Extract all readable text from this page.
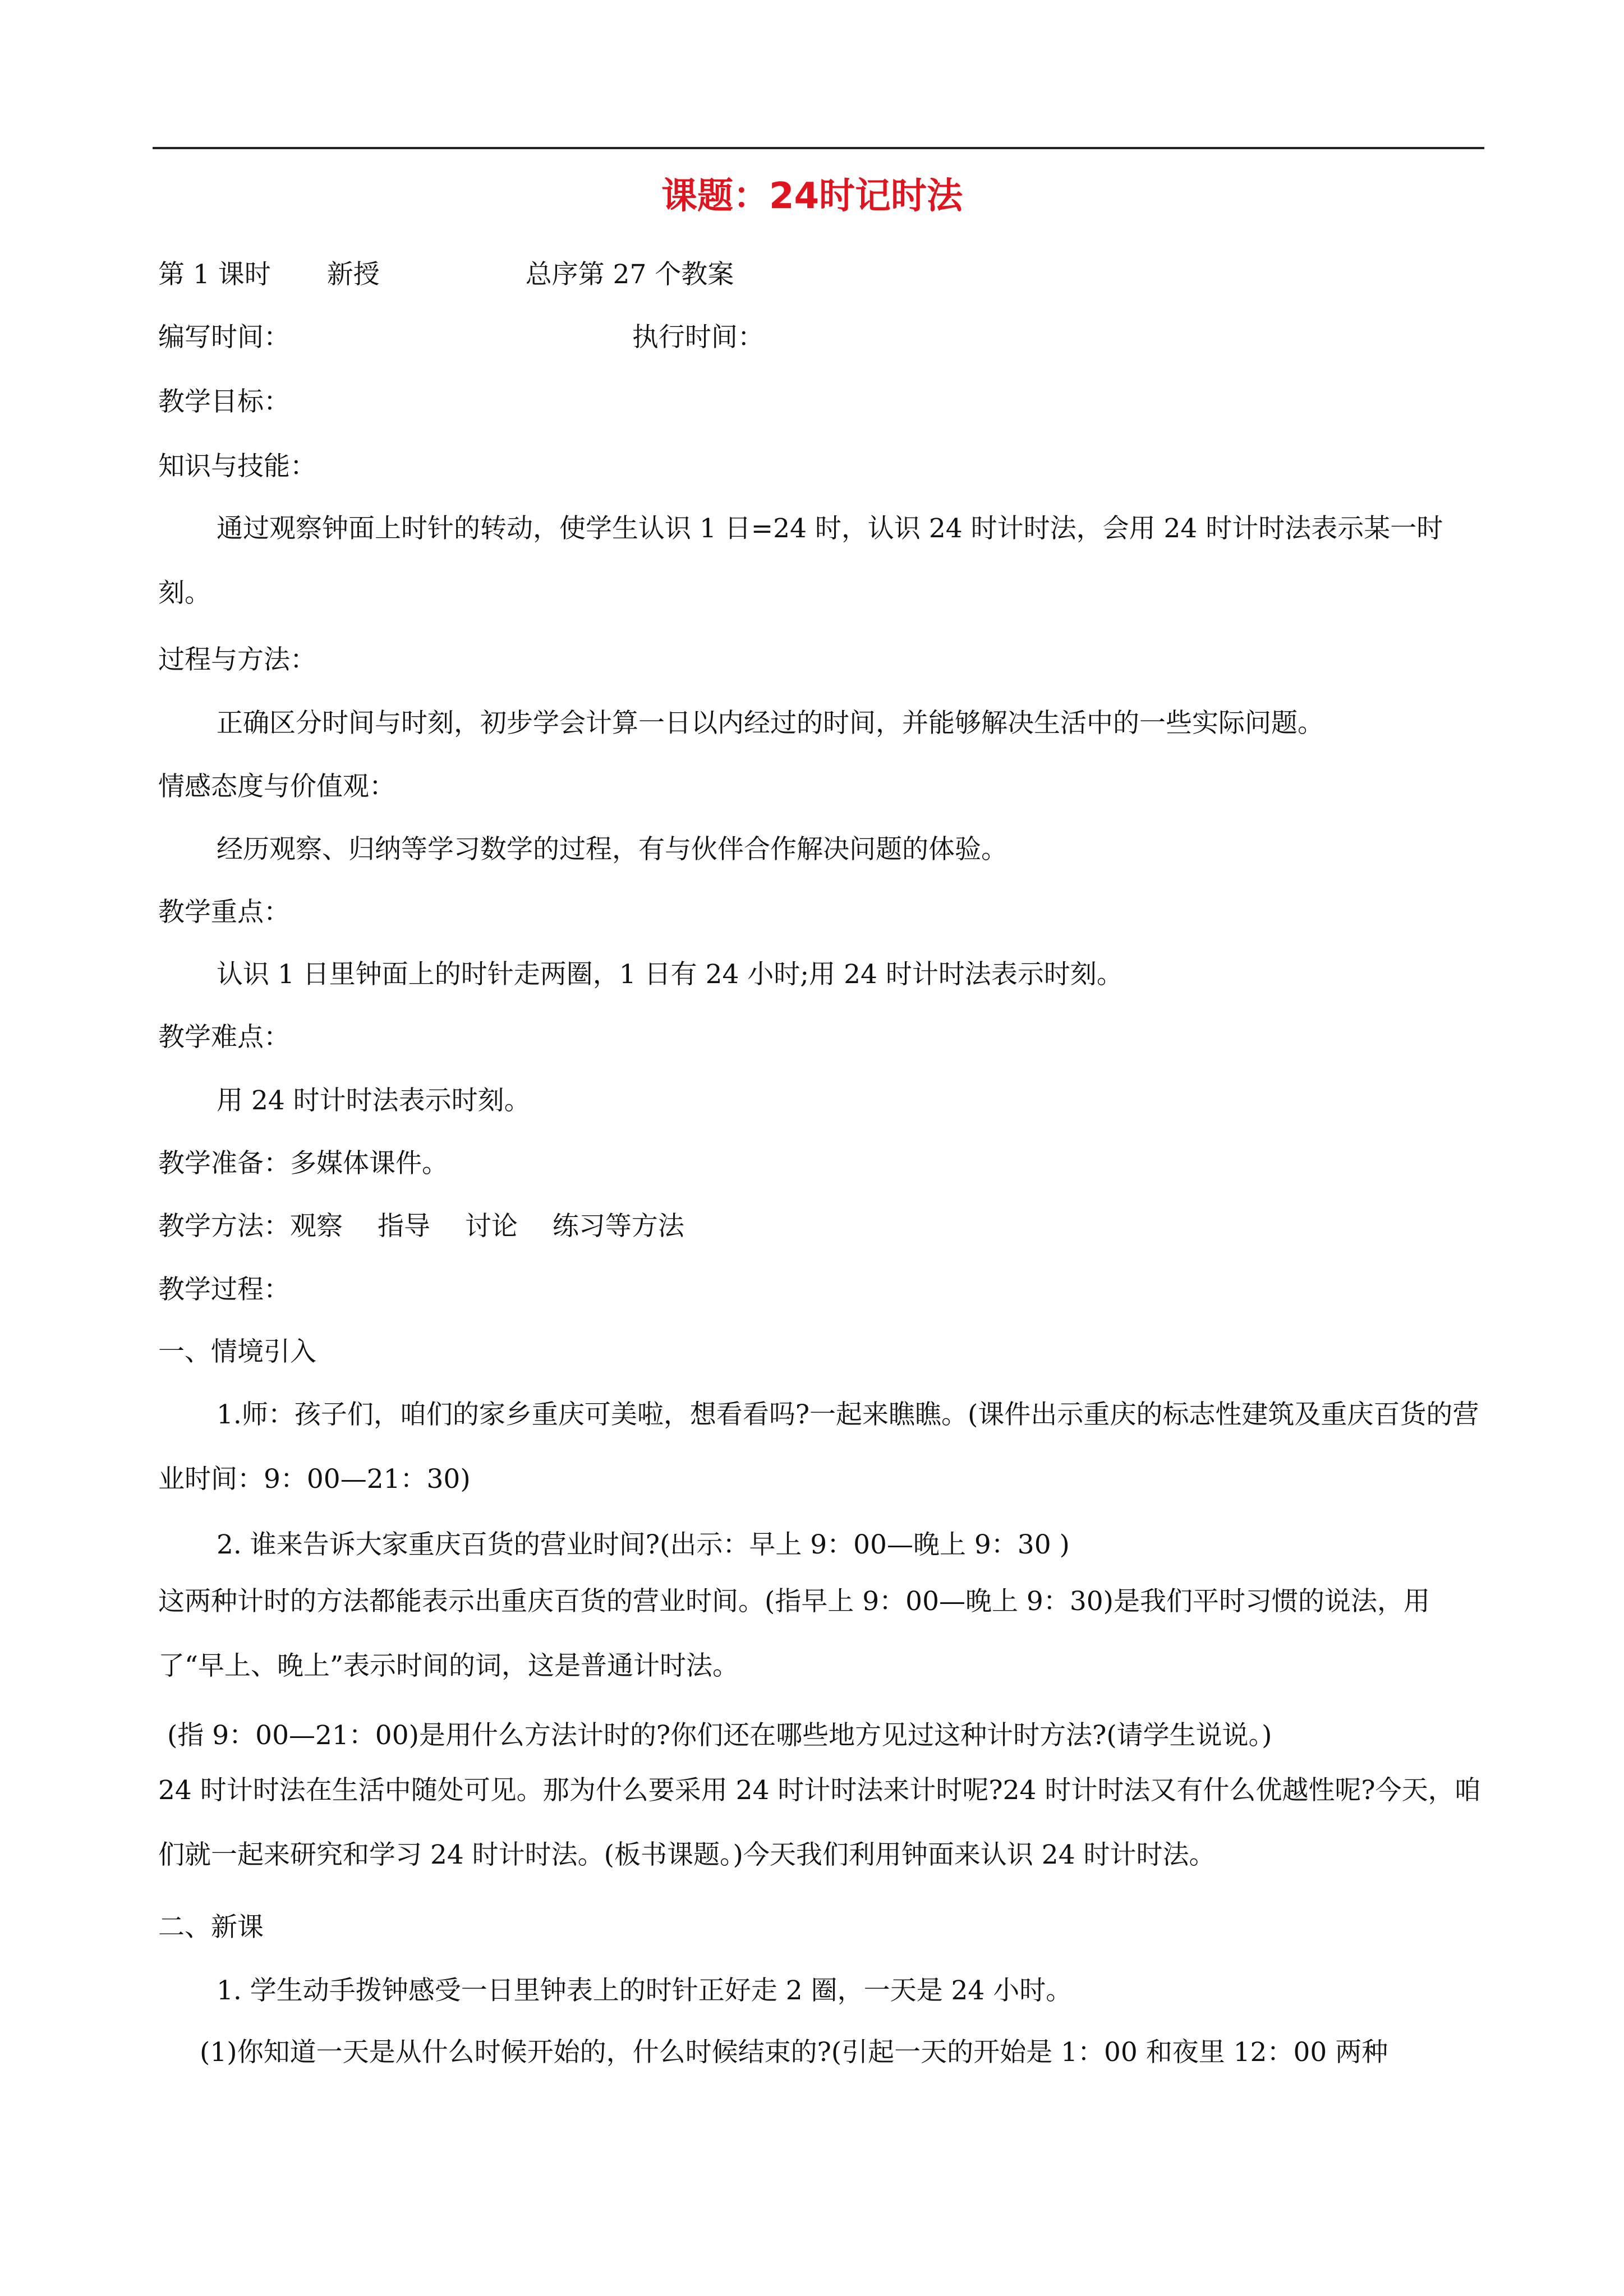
课题：24时记时法
第 1 课时 新授	总序第 27 个教案
编写时间：	执行时间：
教学目标：
知识与技能：
通过观察钟面上时针的转动，使学生认识 1 日=24 时，认识 24 时计时法，会用 24 时计时法表示某一时刻。
过程与方法：
正确区分时间与时刻，初步学会计算一日以内经过的时间，并能够解决生活中的一些实际问题。
情感态度与价值观：
经历观察、归纳等学习数学的过程，有与伙伴合作解决问题的体验。
教学重点：
认识 1 日里钟面上的时针走两圈，1 日有 24 小时;用 24 时计时法表示时刻。
教学难点：
用 24 时计时法表示时刻。
教学准备：多媒体课件。
教学方法：观察　 指导　 讨论　 练习等方法
教学过程：
一、情境引入
1.师：孩子们，咱们的家乡重庆可美啦，想看看吗?一起来瞧瞧。(课件出示重庆的标志性建筑及重庆百货的营业时间：9：00—21：30)
2. 谁来告诉大家重庆百货的营业时间?(出示：早上 9：00—晚上 9：30 )
这两种计时的方法都能表示出重庆百货的营业时间。(指早上 9：00—晚上 9：30)是我们平时习惯的说法，用了“早上、晚上”表示时间的词，这是普通计时法。
(指 9：00—21：00)是用什么方法计时的?你们还在哪些地方见过这种计时方法?(请学生说说。)
24 时计时法在生活中随处可见。那为什么要采用 24 时计时法来计时呢?24 时计时法又有什么优越性呢?今天，咱们就一起来研究和学习 24 时计时法。(板书课题。)今天我们利用钟面来认识 24 时计时法。
二、新课
1. 学生动手拨钟感受一日里钟表上的时针正好走 2 圈，一天是 24 小时。
(1)你知道一天是从什么时候开始的，什么时候结束的?(引起一天的开始是 1：00 和夜里 12：00 两种
